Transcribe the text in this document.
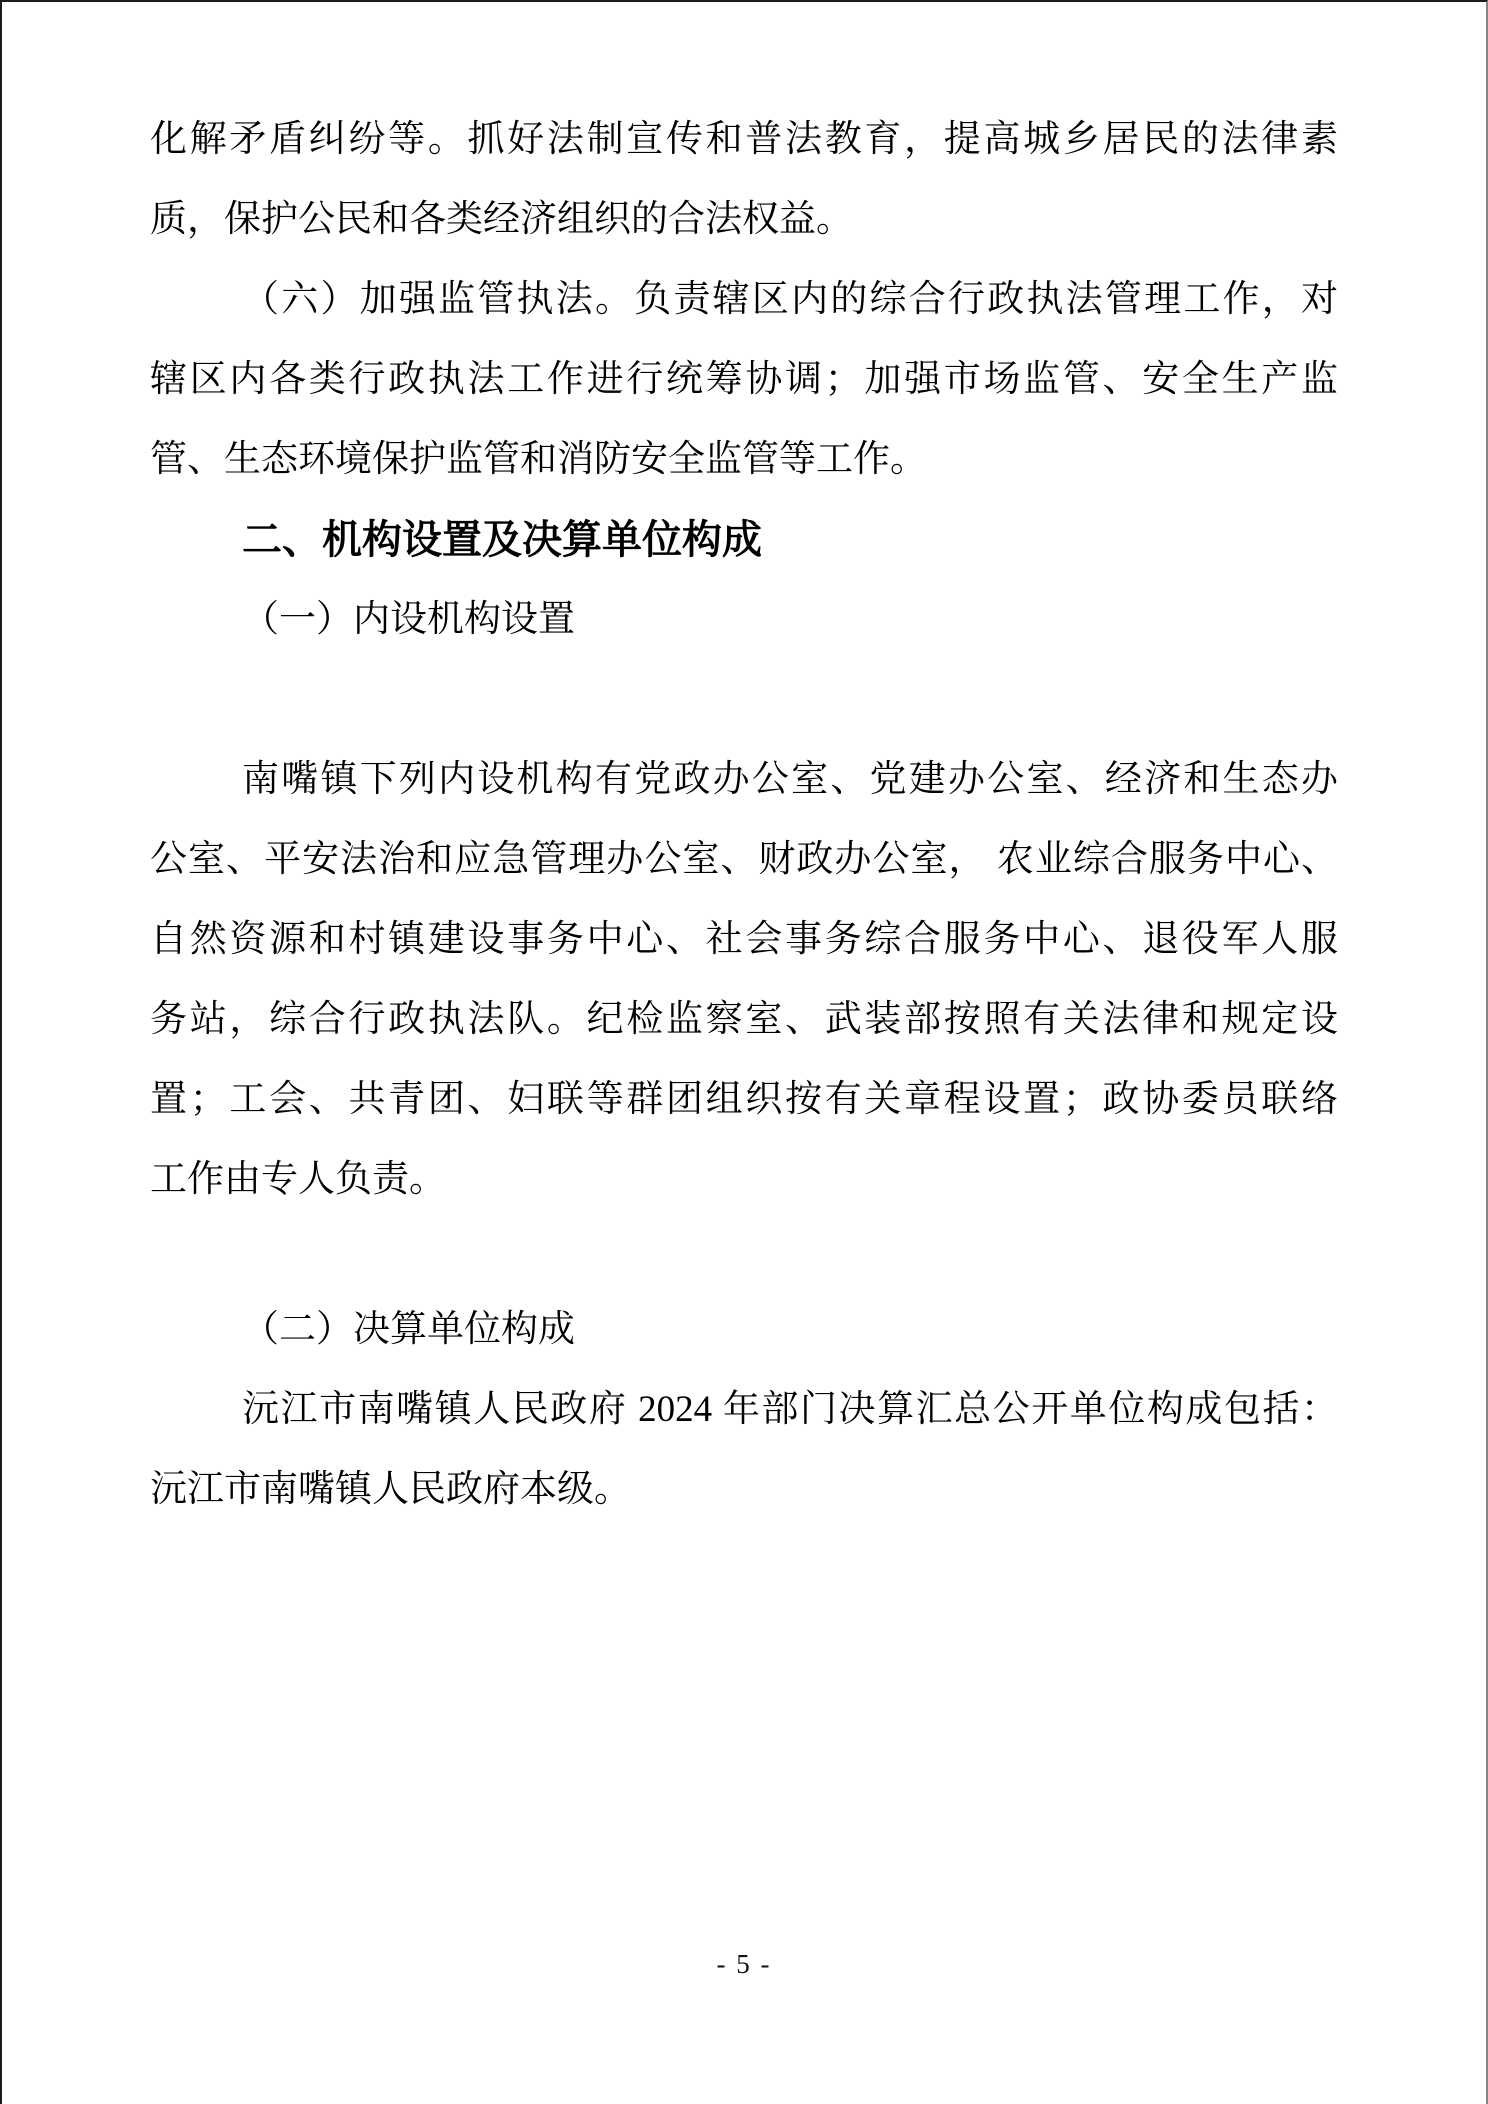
化解矛盾纠纷等。抓好法制宣传和普法教育，提高城乡居民的法律素
质，保护公民和各类经济组织的合法权益。
（六）加强监管执法。负责辖区内的综合行政执法管理工作，对
辖区内各类行政执法工作进行统筹协调；加强市场监管、安全生产监
管、生态环境保护监管和消防安全监管等工作。
二、机构设置及决算单位构成
（一）内设机构设置
南嘴镇下列内设机构有党政办公室、党建办公室、经济和生态办
公室、平安法治和应急管理办公室、财政办公室， 农业综合服务中心、
自然资源和村镇建设事务中心、社会事务综合服务中心、退役军人服
务站，综合行政执法队。纪检监察室、武装部按照有关法律和规定设
置；工会、共青团、妇联等群团组织按有关章程设置；政协委员联络
工作由专人负责。
（二）决算单位构成
沅江市南嘴镇人民政府 2024 年部门决算汇总公开单位构成包括：
沅江市南嘴镇人民政府本级。
- 5 -
